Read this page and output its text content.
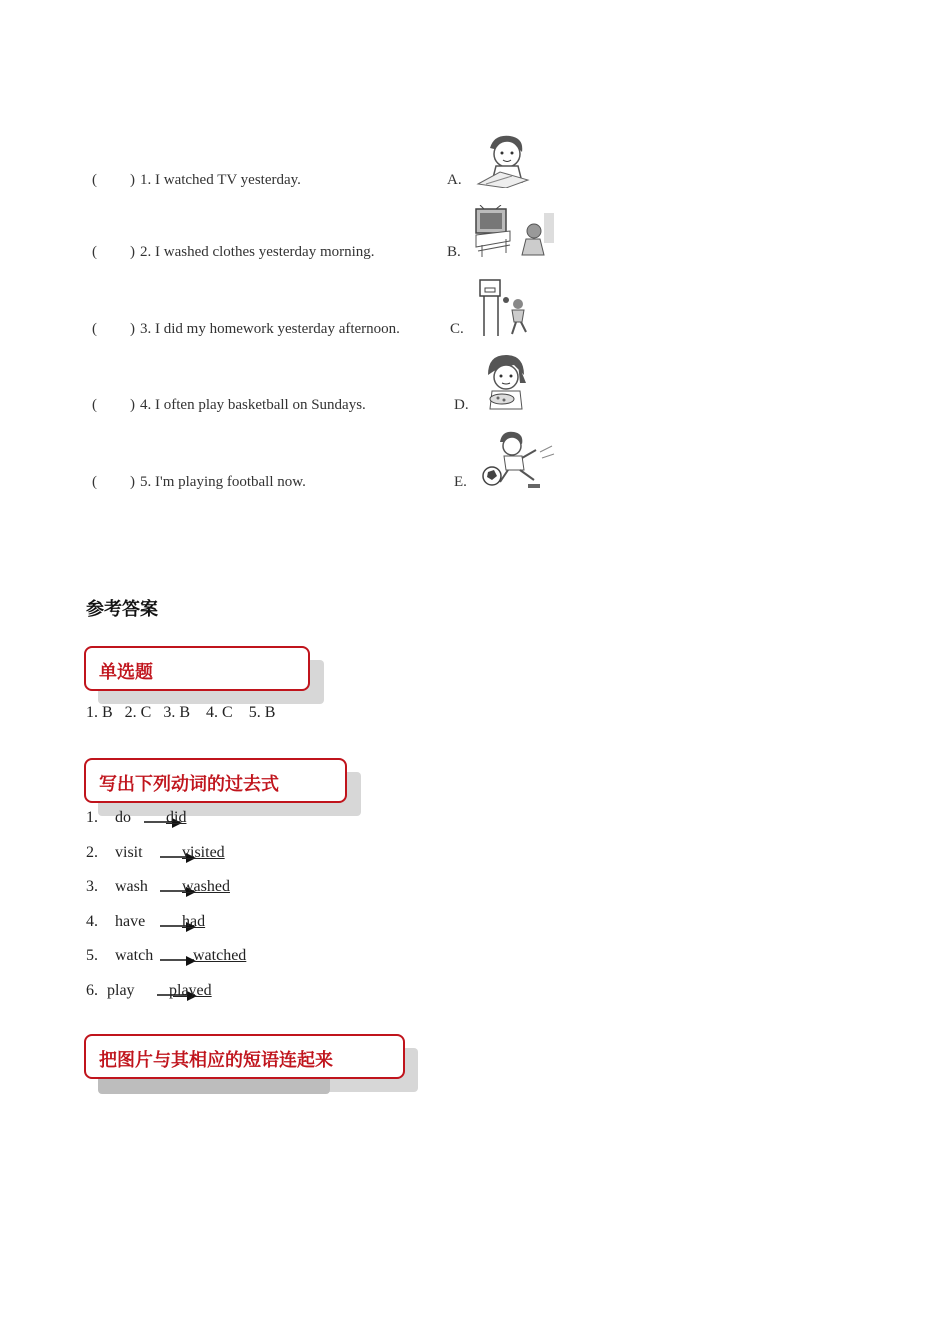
( ) 1. I watched TV yesterday.	A.
( ) 2. I washed clothes yesterday morning.	B.
( ) 3. I did my homework yesterday afternoon.	C.
( ) 4. I often play basketball on Sundays.	D.
( ) 5. I'm playing football now.	E.
参考答案
单选题
1. B   2. C   3. B    4. C    5. B
写出下列动词的过去式
1. do did
2. visit visited
3. wash washed
4. have had
5. watch watched
6. play played
把图片与其相应的短语连起来
